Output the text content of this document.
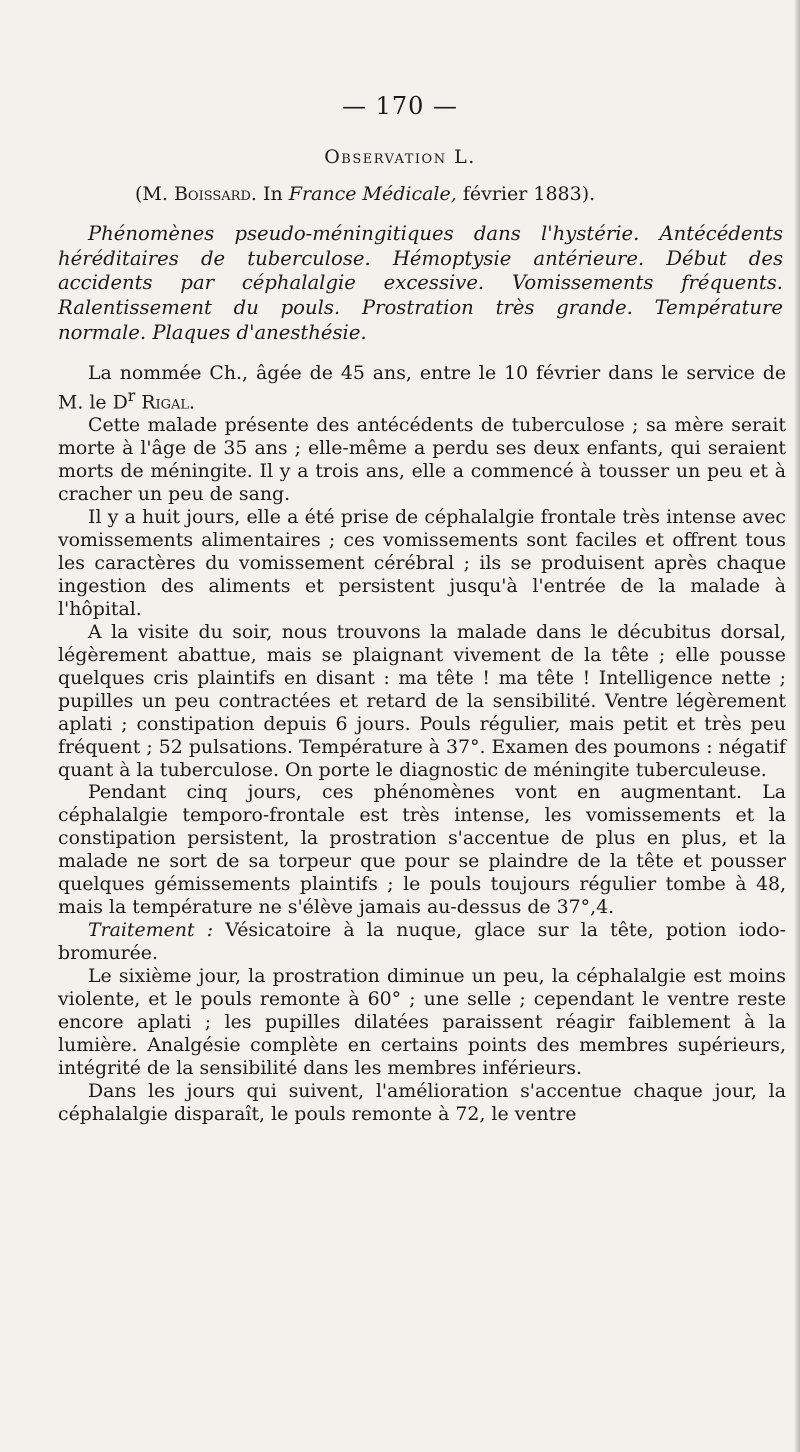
— 170 —
Observation L.
(M. Boissard. In France Médicale, février 1883).

Phénomènes pseudo-méningitiques dans l'hystérie. Antécédents héréditaires de tuberculose. Hémoptysie antérieure. Début des accidents par céphalalgie excessive. Vomissements fréquents. Ralentissement du pouls. Prostration très grande. Température normale. Plaques d'anesthésie.

La nommée Ch., âgée de 45 ans, entre le 10 février dans le service de M. le $D^r$ Rigal.

Cette malade présente des antécédents de tuberculose ; sa mère serait morte à l'âge de 35 ans ; elle-même a perdu ses deux enfants, qui seraient morts de méningite. Il y a trois ans, elle a commencé à tousser un peu et à cracher un peu de sang.

Il y a huit jours, elle a été prise de céphalalgie frontale très intense avec vomissements alimentaires ; ces vomissements sont faciles et offrent tous les caractères du vomissement cérébral ; ils se produisent après chaque ingestion des aliments et persistent jusqu'à l'entrée de la malade à l'hôpital.

A la visite du soir, nous trouvons la malade dans le décubitus dorsal, légèrement abattue, mais se plaignant vivement de la tête ; elle pousse quelques cris plaintifs en disant : ma tête ! ma tête ! Intelligence nette ; pupilles un peu contractées et retard de la sensibilité. Ventre légèrement aplati ; constipation depuis 6 jours. Pouls régulier, mais petit et très peu fréquent ; 52 pulsations. Température à 37°. Examen des poumons : négatif quant à la tuberculose. On porte le diagnostic de méningite tuberculeuse.

Pendant cinq jours, ces phénomènes vont en augmentant. La céphalalgie temporo-frontale est très intense, les vomissements et la constipation persistent, la prostration s'accentue de plus en plus, et la malade ne sort de sa torpeur que pour se plaindre de la tête et pousser quelques gémissements plaintifs ; le pouls toujours régulier tombe à 48, mais la température ne s'élève jamais au-dessus de 37°,4.

Traitement : Vésicatoire à la nuque, glace sur la tête, potion iodo-bromurée.

Le sixième jour, la prostration diminue un peu, la céphalalgie est moins violente, et le pouls remonte à 60° ; une selle ; cependant le ventre reste encore aplati ; les pupilles dilatées paraissent réagir faiblement à la lumière. Analgésie complète en certains points des membres supérieurs, intégrité de la sensibilité dans les membres inférieurs.

Dans les jours qui suivent, l'amélioration s'accentue chaque jour, la céphalalgie disparaît, le pouls remonte à 72, le ventre
